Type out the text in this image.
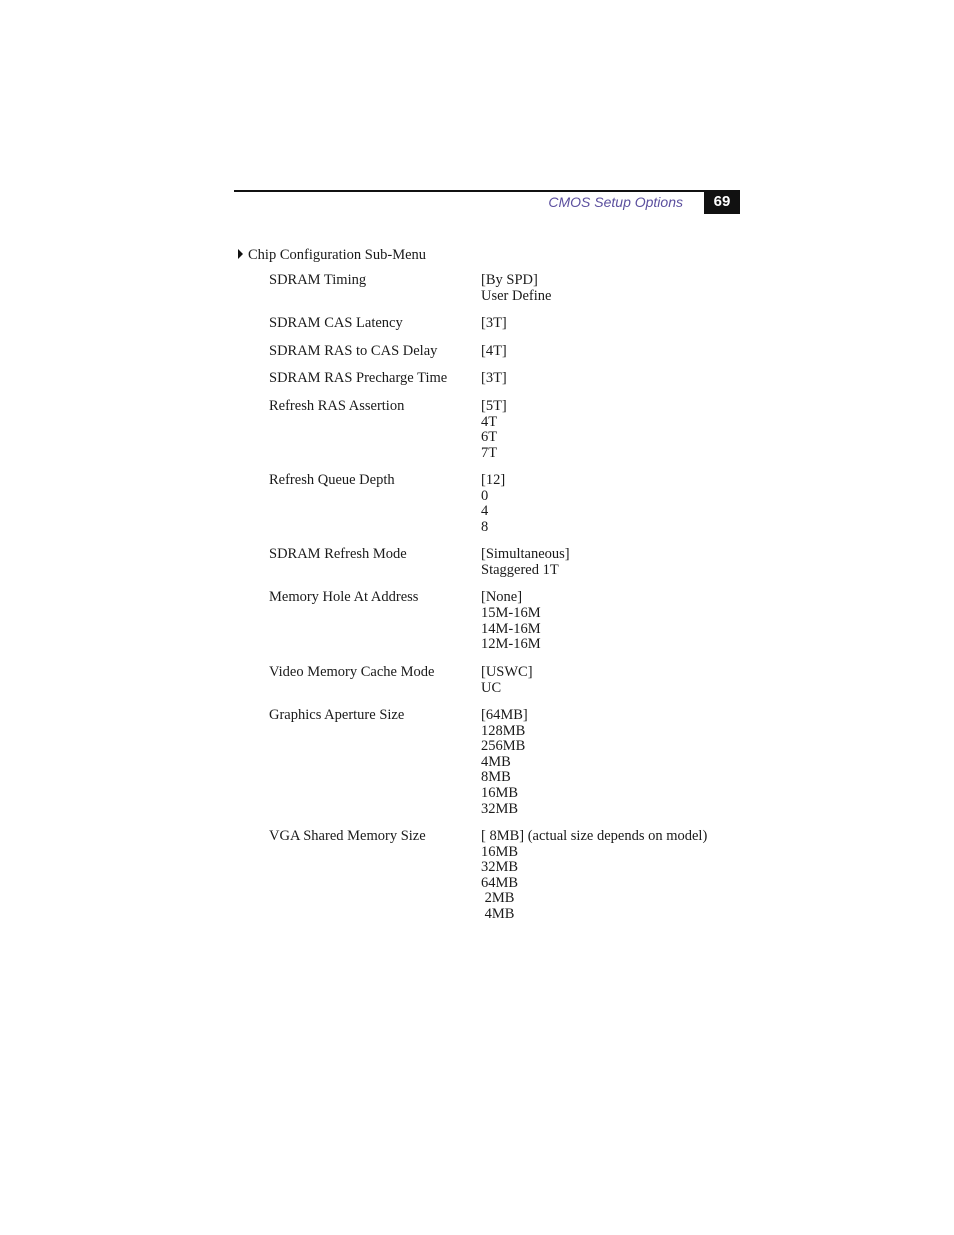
CMOS Setup Options	69
Chip Configuration Sub-Menu
SDRAM Timing	[By SPD]
User Define
SDRAM CAS Latency	[3T]
SDRAM RAS to CAS Delay	[4T]
SDRAM RAS Precharge Time	[3T]
Refresh RAS Assertion	[5T]
4T
6T
7T
Refresh Queue Depth	[12]
0
4
8
SDRAM Refresh Mode	[Simultaneous]
Staggered 1T
Memory Hole At Address	[None]
15M-16M
14M-16M
12M-16M
Video Memory Cache Mode	[USWC]
UC
Graphics Aperture Size	[64MB]
128MB
256MB
4MB
8MB
16MB
32MB
VGA Shared Memory Size	[ 8MB] (actual size depends on model)
16MB
32MB
64MB
2MB
4MB
